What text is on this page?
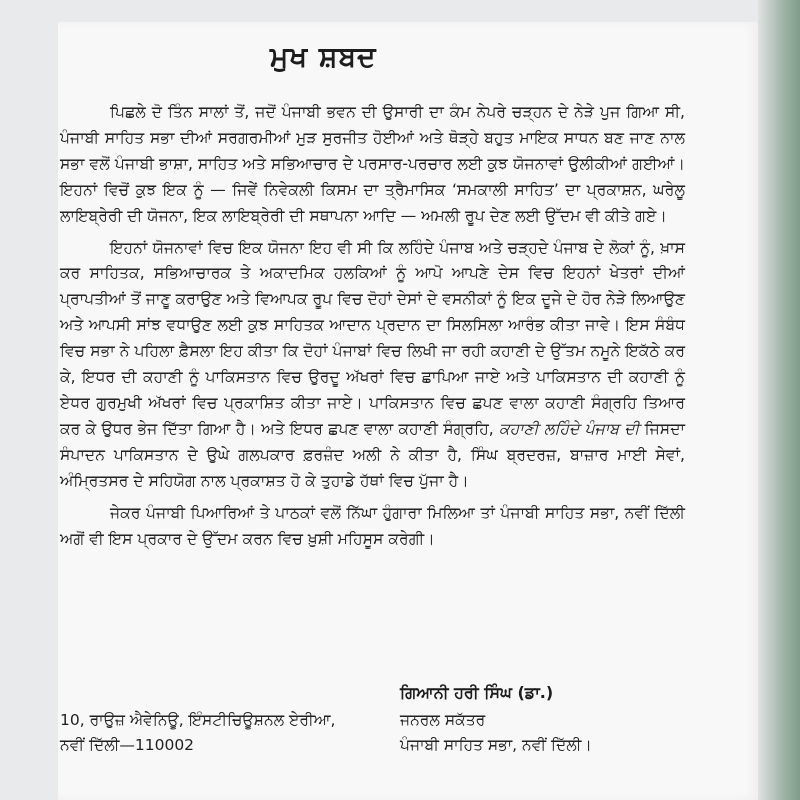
ਮੁਖ ਸ਼ਬਦ

ਪਿਛਲੇ ਦੋ ਤਿੰਨ ਸਾਲਾਂ ਤੋਂ, ਜਦੋਂ ਪੰਜਾਬੀ ਭਵਨ ਦੀ ਉਸਾਰੀ ਦਾ ਕੰਮ ਨੇਪਰੇ ਚੜ੍ਹਨ ਦੇ ਨੇੜੇ ਪੁਜ ਗਿਆ ਸੀ, ਪੰਜਾਬੀ ਸਾਹਿਤ ਸਭਾ ਦੀਆਂ ਸਰਗਰਮੀਆਂ ਮੁੜ ਸੁਰਜੀਤ ਹੋਈਆਂ ਅਤੇ ਥੋੜ੍ਹੇ ਬਹੁਤ ਮਾਇਕ ਸਾਧਨ ਬਣ ਜਾਣ ਨਾਲ ਸਭਾ ਵਲੋਂ ਪੰਜਾਬੀ ਭਾਸ਼ਾ, ਸਾਹਿਤ ਅਤੇ ਸਭਿਆਚਾਰ ਦੇ ਪਰਸਾਰ-ਪਰਚਾਰ ਲਈ ਕੁਝ ਯੋਜਨਾਵਾਂ ਉਲੀਕੀਆਂ ਗਈਆਂ। ਇਹਨਾਂ ਵਿਚੋਂ ਕੁਝ ਇਕ ਨੂੰ — ਜਿਵੇਂ ਨਿਵੇਕਲੀ ਕਿਸਮ ਦਾ ਤ੍ਰੈਮਾਸਿਕ ‘ਸਮਕਾਲੀ ਸਾਹਿਤ’ ਦਾ ਪ੍ਰਕਾਸ਼ਨ, ਘਰੇਲੂ ਲਾਇਬ੍ਰੇਰੀ ਦੀ ਯੋਜਨਾ, ਇਕ ਲਾਇਬ੍ਰੇਰੀ ਦੀ ਸਥਾਪਨਾ ਆਦਿ — ਅਮਲੀ ਰੂਪ ਦੇਣ ਲਈ ਉੱਦਮ ਵੀ ਕੀਤੇ ਗਏ।

ਇਹਨਾਂ ਯੋਜਨਾਵਾਂ ਵਿਚ ਇਕ ਯੋਜਨਾ ਇਹ ਵੀ ਸੀ ਕਿ ਲਹਿੰਦੇ ਪੰਜਾਬ ਅਤੇ ਚੜ੍ਹਦੇ ਪੰਜਾਬ ਦੇ ਲੋਕਾਂ ਨੂੰ, ਖ਼ਾਸ ਕਰ ਸਾਹਿਤਕ, ਸਭਿਆਚਾਰਕ ਤੇ ਅਕਾਦਮਿਕ ਹਲਕਿਆਂ ਨੂੰ ਆਪੋ ਆਪਣੇ ਦੇਸ ਵਿਚ ਇਹਨਾਂ ਖੇਤਰਾਂ ਦੀਆਂ ਪ੍ਰਾਪਤੀਆਂ ਤੋਂ ਜਾਣੂ ਕਰਾਉਣ ਅਤੇ ਵਿਆਪਕ ਰੂਪ ਵਿਚ ਦੋਹਾਂ ਦੇਸਾਂ ਦੇ ਵਸਨੀਕਾਂ ਨੂੰ ਇਕ ਦੂਜੇ ਦੇ ਹੋਰ ਨੇੜੇ ਲਿਆਉਣ ਅਤੇ ਆਪਸੀ ਸਾਂਝ ਵਧਾਉਣ ਲਈ ਕੁਝ ਸਾਹਿਤਕ ਆਦਾਨ ਪ੍ਰਦਾਨ ਦਾ ਸਿਲਸਿਲਾ ਆਰੰਭ ਕੀਤਾ ਜਾਵੇ। ਇਸ ਸੰਬੰਧ ਵਿਚ ਸਭਾ ਨੇ ਪਹਿਲਾ ਫ਼ੈਸਲਾ ਇਹ ਕੀਤਾ ਕਿ ਦੋਹਾਂ ਪੰਜਾਬਾਂ ਵਿਚ ਲਿਖੀ ਜਾ ਰਹੀ ਕਹਾਣੀ ਦੇ ਉੱਤਮ ਨਮੂਨੇ ਇਕੱਠੇ ਕਰ ਕੇ, ਇਧਰ ਦੀ ਕਹਾਣੀ ਨੂੰ ਪਾਕਿਸਤਾਨ ਵਿਚ ਉਰਦੂ ਅੱਖਰਾਂ ਵਿਚ ਛਾਪਿਆ ਜਾਏ ਅਤੇ ਪਾਕਿਸਤਾਨ ਦੀ ਕਹਾਣੀ ਨੂੰ ਏਧਰ ਗੁਰਮੁਖੀ ਅੱਖਰਾਂ ਵਿਚ ਪ੍ਰਕਾਸ਼ਿਤ ਕੀਤਾ ਜਾਏ। ਪਾਕਿਸਤਾਨ ਵਿਚ ਛਪਣ ਵਾਲਾ ਕਹਾਣੀ ਸੰਗ੍ਰਹਿ ਤਿਆਰ ਕਰ ਕੇ ਉਧਰ ਭੇਜ ਦਿੱਤਾ ਗਿਆ ਹੈ। ਅਤੇ ਇਧਰ ਛਪਣ ਵਾਲਾ ਕਹਾਣੀ ਸੰਗ੍ਰਹਿ, ਕਹਾਣੀ ਲਹਿੰਦੇ ਪੰਜਾਬ ਦੀ ਜਿਸਦਾ ਸੰਪਾਦਨ ਪਾਕਿਸਤਾਨ ਦੇ ਉਘੇ ਗਲਪਕਾਰ ਫ਼ਰਜ਼ੰਦ ਅਲੀ ਨੇ ਕੀਤਾ ਹੈ, ਸਿੰਘ ਬ੍ਰਦਰਜ਼, ਬਾਜ਼ਾਰ ਮਾਈ ਸੇਵਾਂ, ਅੰਮ੍ਰਿਤਸਰ ਦੇ ਸਹਿਯੋਗ ਨਾਲ ਪ੍ਰਕਾਸ਼ਤ ਹੋ ਕੇ ਤੁਹਾਡੇ ਹੱਥਾਂ ਵਿਚ ਪੁੱਜਾ ਹੈ।

ਜੇਕਰ ਪੰਜਾਬੀ ਪਿਆਰਿਆਂ ਤੇ ਪਾਠਕਾਂ ਵਲੋਂ ਨਿੱਘਾ ਹੁੰਗਾਰਾ ਮਿਲਿਆ ਤਾਂ ਪੰਜਾਬੀ ਸਾਹਿਤ ਸਭਾ, ਨਵੀਂ ਦਿੱਲੀ ਅਗੋਂ ਵੀ ਇਸ ਪ੍ਰਕਾਰ ਦੇ ਉੱਦਮ ਕਰਨ ਵਿਚ ਖ਼ੁਸ਼ੀ ਮਹਿਸੂਸ ਕਰੇਗੀ।

ਗਿਆਨੀ ਹਰੀ ਸਿੰਘ (ਡਾ.)
10, ਰਾਉਜ਼ ਐਵੇਨਿਊ, ਇੰਸਟੀਚਿਊਸ਼ਨਲ ਏਰੀਆ,
ਨਵੀਂ ਦਿੱਲੀ—110002
ਜਨਰਲ ਸਕੱਤਰ
ਪੰਜਾਬੀ ਸਾਹਿਤ ਸਭਾ, ਨਵੀਂ ਦਿੱਲੀ।
